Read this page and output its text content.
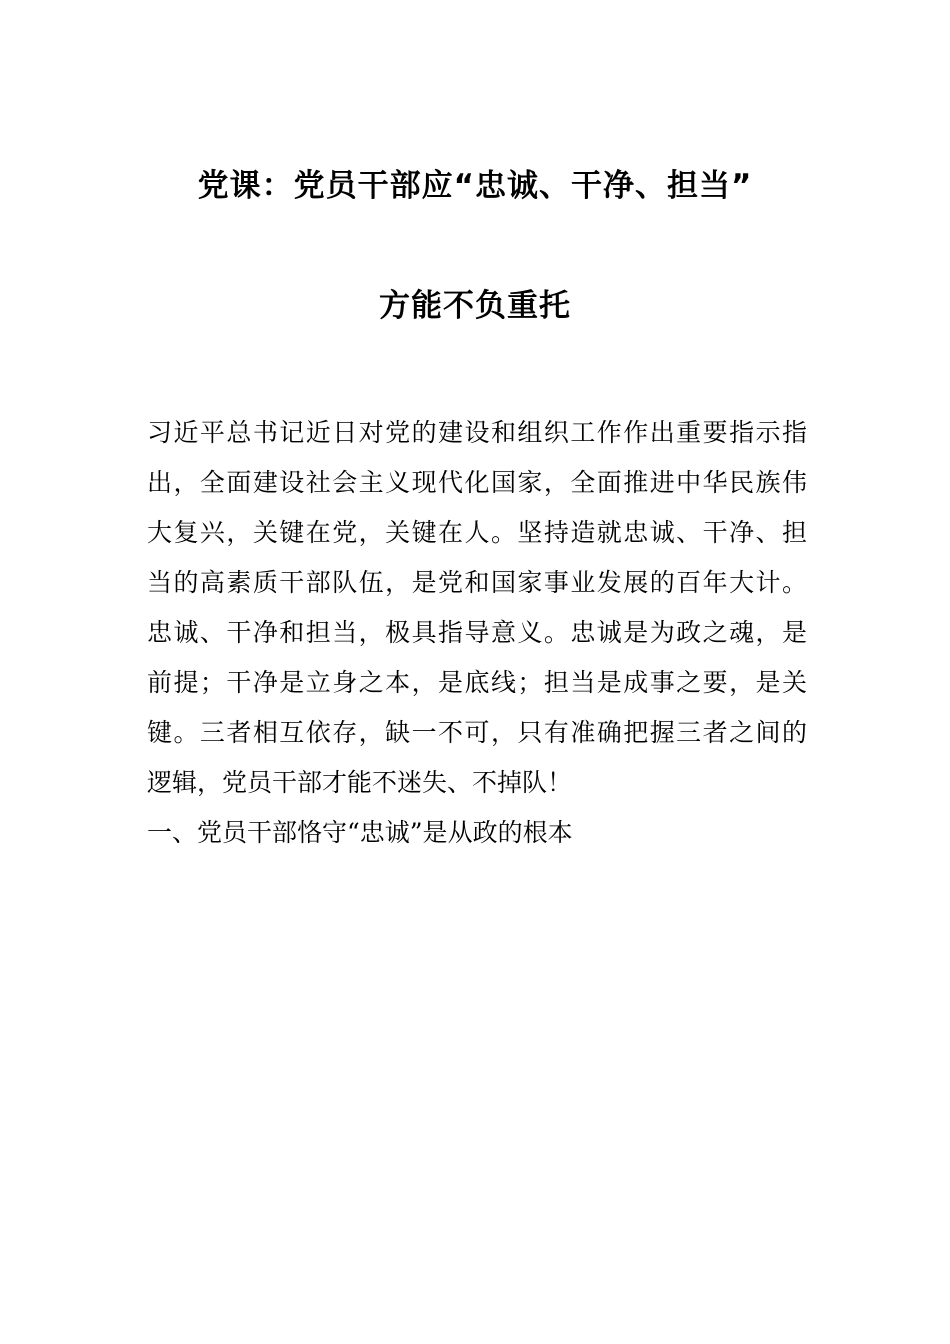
党课：党员干部应“忠诚、干净、担当”
方能不负重托
习近平总书记近日对党的建设和组织工作作出重要指示指
出，全面建设社会主义现代化国家，全面推进中华民族伟
大复兴，关键在党，关键在人。坚持造就忠诚、干净、担
当的高素质干部队伍，是党和国家事业发展的百年大计。
忠诚、干净和担当，极具指导意义。忠诚是为政之魂，是
前提；干净是立身之本，是底线；担当是成事之要，是关
键。三者相互依存，缺一不可，只有准确把握三者之间的
逻辑，党员干部才能不迷失、不掉队！
一、党员干部恪守“忠诚”是从政的根本
